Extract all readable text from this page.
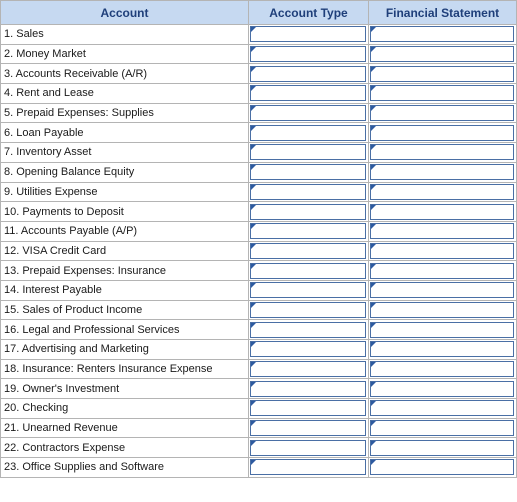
Account	Account Type	Financial Statement
1. Sales	

2. Money Market	

3. Accounts Receivable (A/R)	

4. Rent and Lease	

5. Prepaid Expenses: Supplies	

6. Loan Payable	

7. Inventory Asset	

8. Opening Balance Equity	

9. Utilities Expense	

10. Payments to Deposit	

11. Accounts Payable (A/P)	

12. VISA Credit Card	

13. Prepaid Expenses: Insurance	

14. Interest Payable	

15. Sales of Product Income	

16. Legal and Professional Services	

17. Advertising and Marketing	

18. Insurance: Renters Insurance Expense	

19. Owner's Investment	

20. Checking	

21. Unearned Revenue	

22. Contractors Expense	

23. Office Supplies and Software	
